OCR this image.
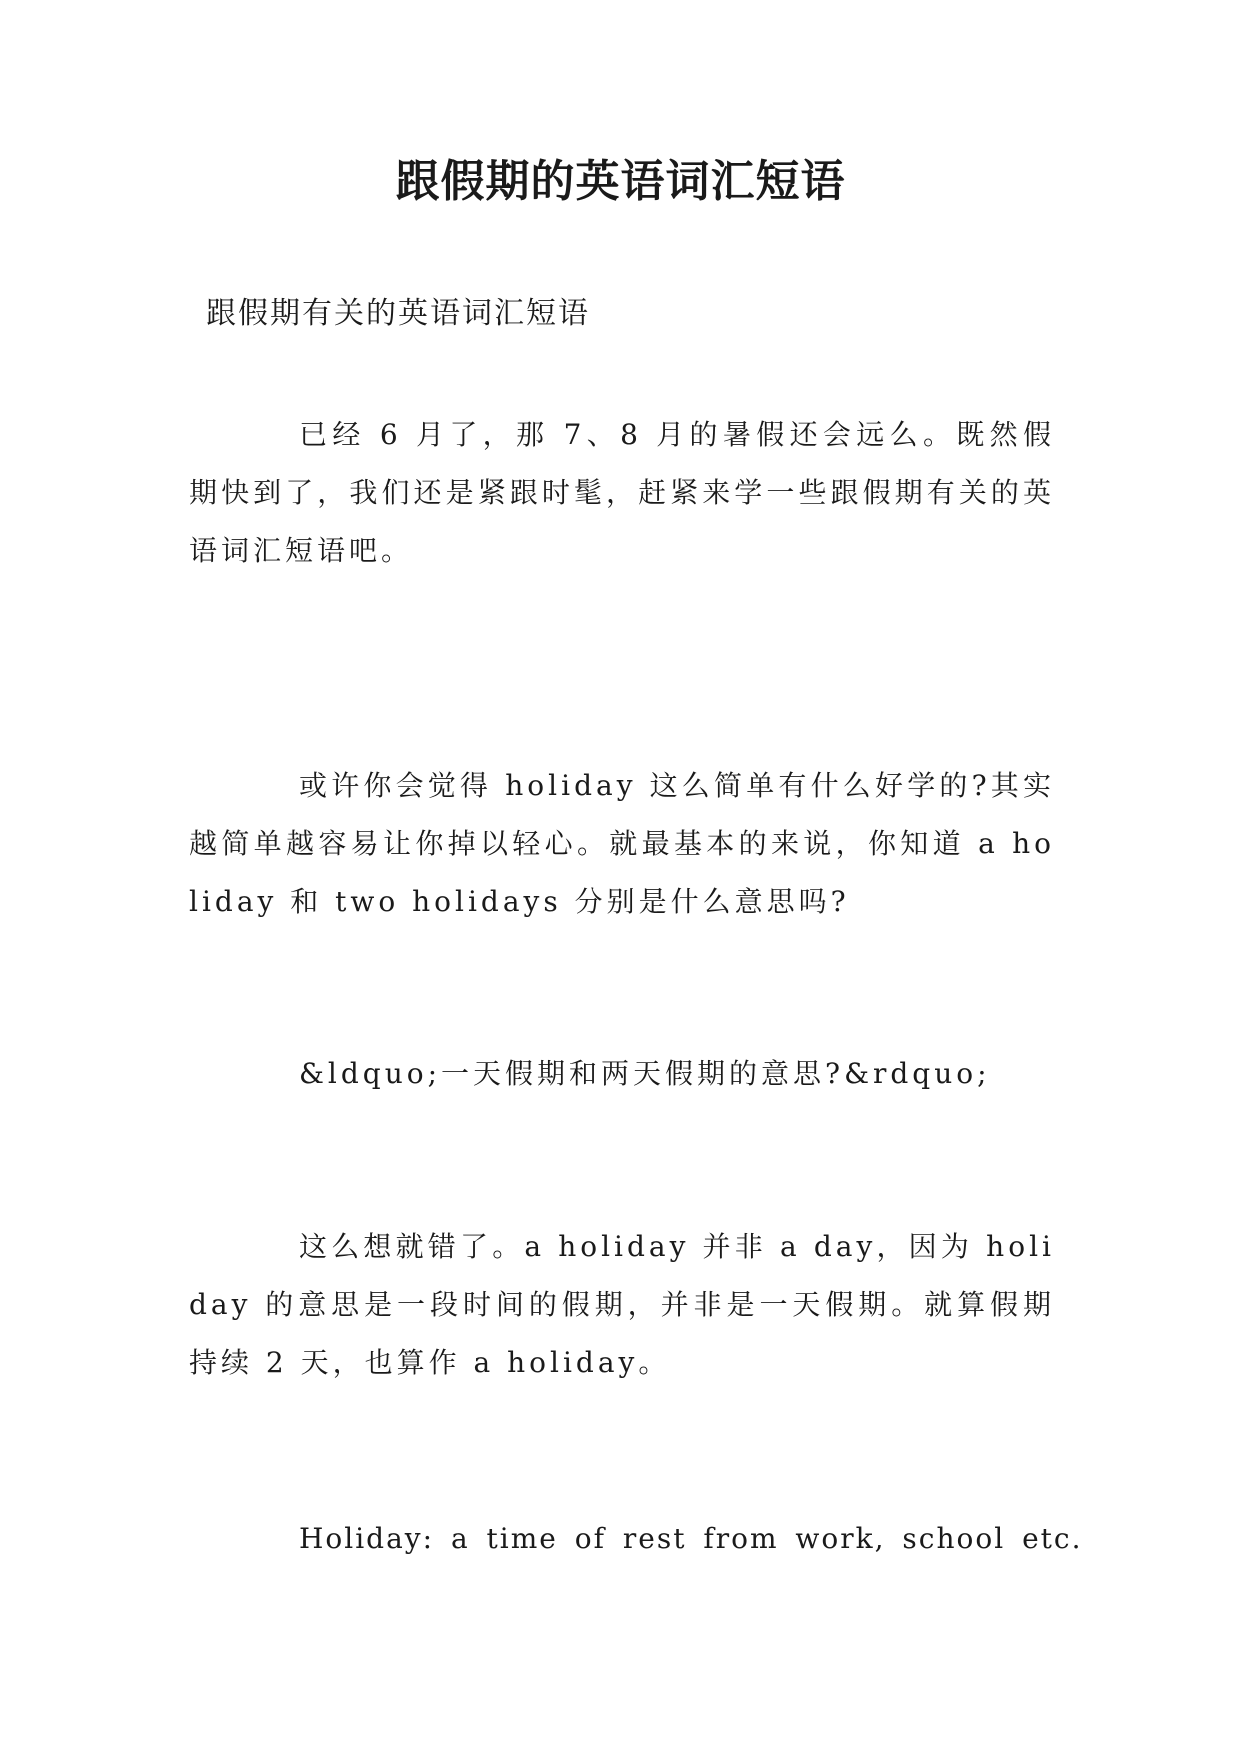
跟假期的英语词汇短语

跟假期有关的英语词汇短语

已经 6 月了，那 7、8 月的暑假还会远么。既然假期快到了，我们还是紧跟时髦，赶紧来学一些跟假期有关的英语词汇短语吧。

或许你会觉得 holiday 这么简单有什么好学的?其实越简单越容易让你掉以轻心。就最基本的来说，你知道 a holiday 和 two holidays 分别是什么意思吗?

&ldquo;一天假期和两天假期的意思?&rdquo;

这么想就错了。a holiday 并非 a day，因为 holiday 的意思是一段时间的假期，并非是一天假期。就算假期持续 2 天，也算作 a holiday。

Holiday: a time of rest from work, school etc.
